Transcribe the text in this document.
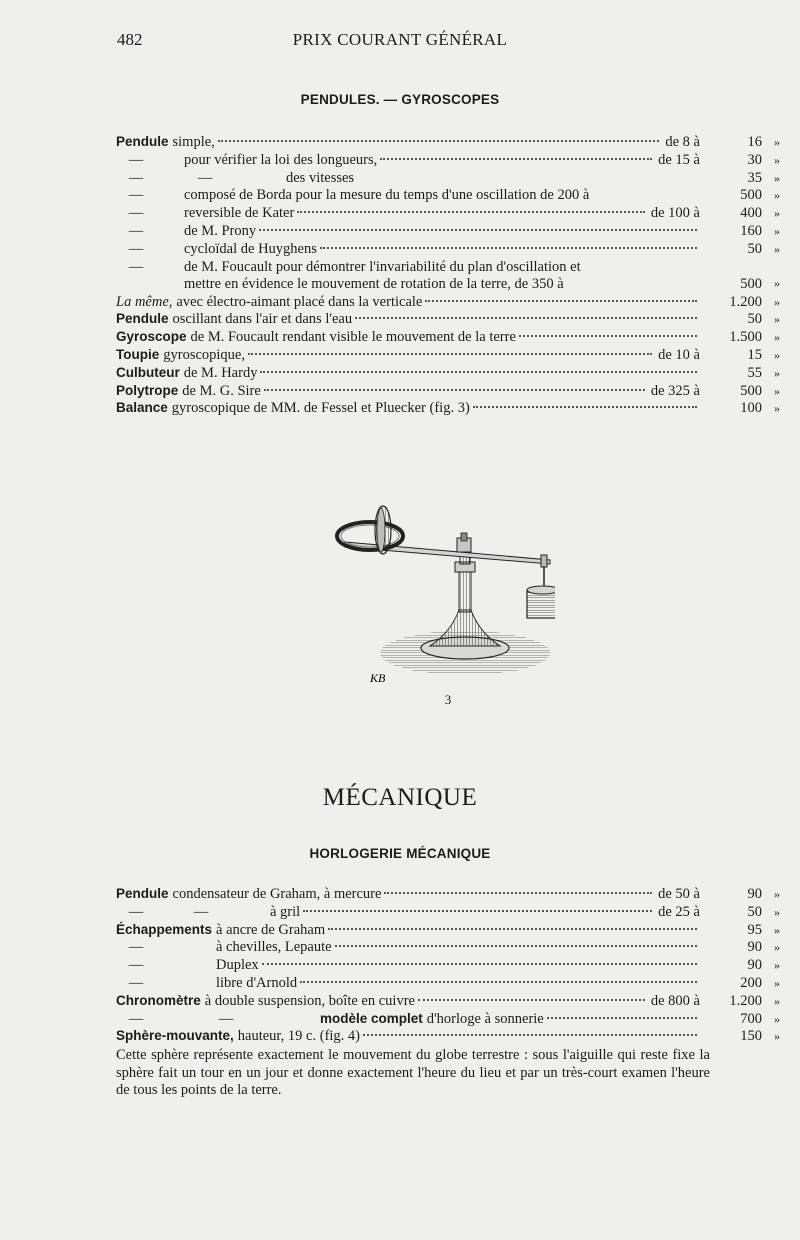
482	PRIX COURANT GÉNÉRAL
PENDULES. — GYROSCOPES
Pendule simple,	de 8 à	16	»
—	pour vérifier la loi des longueurs,	de 15 à	30	»
—	—	des vitesses	35	»
—	composé de Borda pour la mesure du temps d'une oscillation de 200 à	500	»
—	reversible de Kater	de 100 à	400	»
—	de M. Prony	160	»
—	cycloïdal de Huyghens	50	»
—	de M. Foucault pour démontrer l'invariabilité du plan d'oscillation et
mettre en évidence le mouvement de rotation de la terre, de 350 à	500	»
La même, avec électro-aimant placé dans la verticale	1.200	»
Pendule oscillant dans l'air et dans l'eau	50	»
Gyroscope de M. Foucault rendant visible le mouvement de la terre	1.500	»
Toupie gyroscopique,	de 10 à	15	»
Culbuteur de M. Hardy	55	»
Polytrope de M. G. Sire	de 325 à	500	»
Balance gyroscopique de MM. de Fessel et Pluecker (fig. 3)	100	»
KB
3
MÉCANIQUE
HORLOGERIE MÉCANIQUE
Pendule condensateur de Graham, à mercure	de 50 à	90	»
—	—	à gril	de 25 à	50	»
Échappements à ancre de Graham	95	»
—	à chevilles, Lepaute	90	»
—	Duplex	90	»
—	libre d'Arnold	200	»
Chronomètre à double suspension, boîte en cuivre	de 800 à	1.200	»
—	—	modèle complet d'horloge à sonnerie	700	»
Sphère-mouvante, hauteur, 19 c. (fig. 4)	150	»

Cette sphère représente exactement le mouvement du globe terrestre : sous l'aiguille qui reste fixe la sphère fait un tour en un jour et donne exactement l'heure du lieu et par un très-court examen l'heure de tous les points de la terre.
